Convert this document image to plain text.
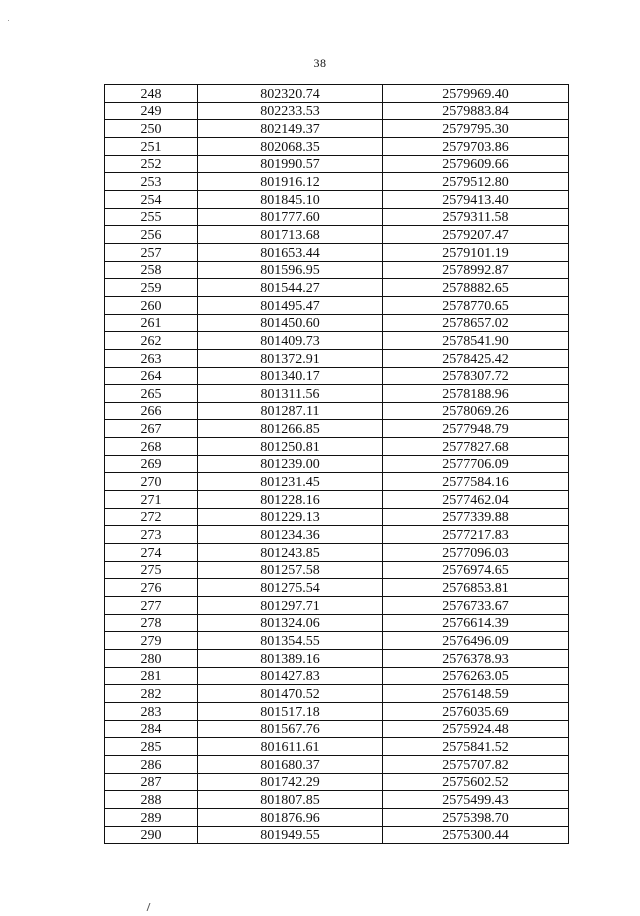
38
248	802320.74	2579969.40
249	802233.53	2579883.84
250	802149.37	2579795.30
251	802068.35	2579703.86
252	801990.57	2579609.66
253	801916.12	2579512.80
254	801845.10	2579413.40
255	801777.60	2579311.58
256	801713.68	2579207.47
257	801653.44	2579101.19
258	801596.95	2578992.87
259	801544.27	2578882.65
260	801495.47	2578770.65
261	801450.60	2578657.02
262	801409.73	2578541.90
263	801372.91	2578425.42
264	801340.17	2578307.72
265	801311.56	2578188.96
266	801287.11	2578069.26
267	801266.85	2577948.79
268	801250.81	2577827.68
269	801239.00	2577706.09
270	801231.45	2577584.16
271	801228.16	2577462.04
272	801229.13	2577339.88
273	801234.36	2577217.83
274	801243.85	2577096.03
275	801257.58	2576974.65
276	801275.54	2576853.81
277	801297.71	2576733.67
278	801324.06	2576614.39
279	801354.55	2576496.09
280	801389.16	2576378.93
281	801427.83	2576263.05
282	801470.52	2576148.59
283	801517.18	2576035.69
284	801567.76	2575924.48
285	801611.61	2575841.52
286	801680.37	2575707.82
287	801742.29	2575602.52
288	801807.85	2575499.43
289	801876.96	2575398.70
290	801949.55	2575300.44
